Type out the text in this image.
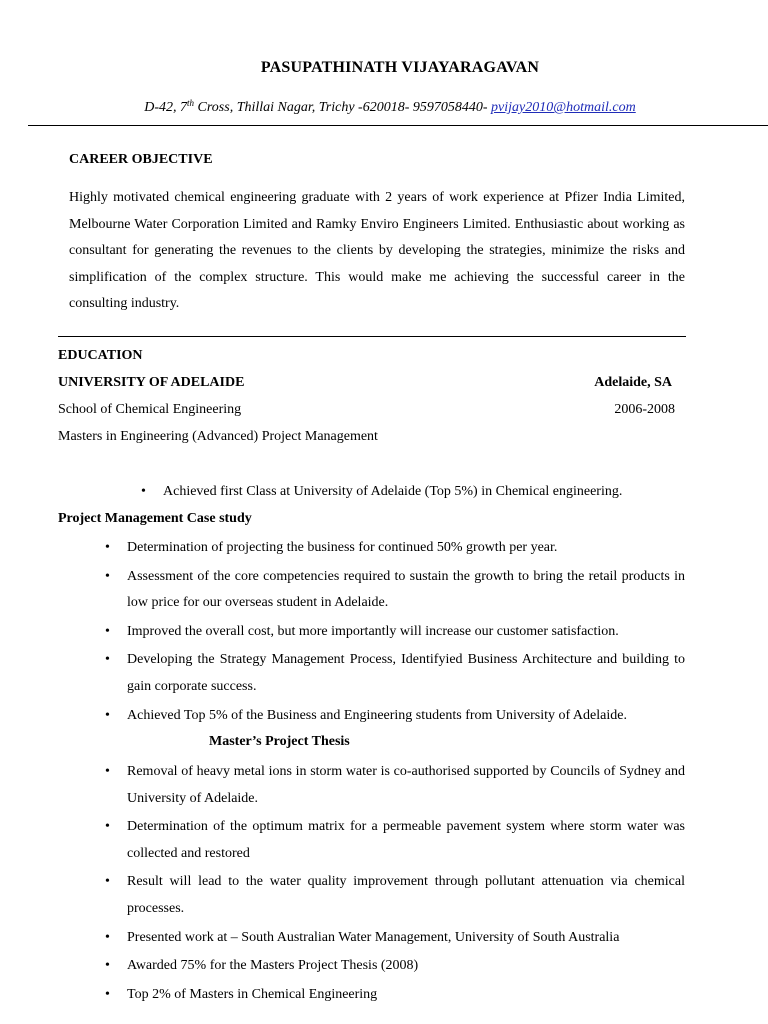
PASUPATHINATH VIJAYARAGAVAN
D-42, 7th Cross, Thillai Nagar, Trichy -620018- 9597058440- pvijay2010@hotmail.com
CAREER OBJECTIVE
Highly motivated chemical engineering graduate with 2 years of work experience at Pfizer India Limited, Melbourne Water Corporation Limited and Ramky Enviro Engineers Limited. Enthusiastic about working as consultant for generating the revenues to the clients by developing the strategies, minimize the risks and simplification of the complex structure. This would make me achieving the successful career in the consulting industry.
EDUCATION
UNIVERSITY OF ADELAIDE	Adelaide, SA
School of Chemical Engineering	2006-2008
Masters in Engineering (Advanced) Project Management
• Achieved first Class at University of Adelaide (Top 5%) in Chemical engineering.
Project Management Case study
• Determination of projecting the business for continued 50% growth per year.
• Assessment of the core competencies required to sustain the growth to bring the retail products in low price for our overseas student in Adelaide.
• Improved the overall cost, but more importantly will increase our customer satisfaction.
• Developing the Strategy Management Process, Identifyied Business Architecture and building to gain corporate success.
• Achieved Top 5% of the Business and Engineering students from University of Adelaide.
Master’s Project Thesis
• Removal of heavy metal ions in storm water is co-authorised supported by Councils of Sydney and University of Adelaide.
• Determination of the optimum matrix for a permeable pavement system where storm water was collected and restored
• Result will lead to the water quality improvement through pollutant attenuation via chemical processes.
• Presented work at – South Australian Water Management, University of South Australia
• Awarded 75% for the Masters Project Thesis (2008)
• Top 2% of Masters in Chemical Engineering
